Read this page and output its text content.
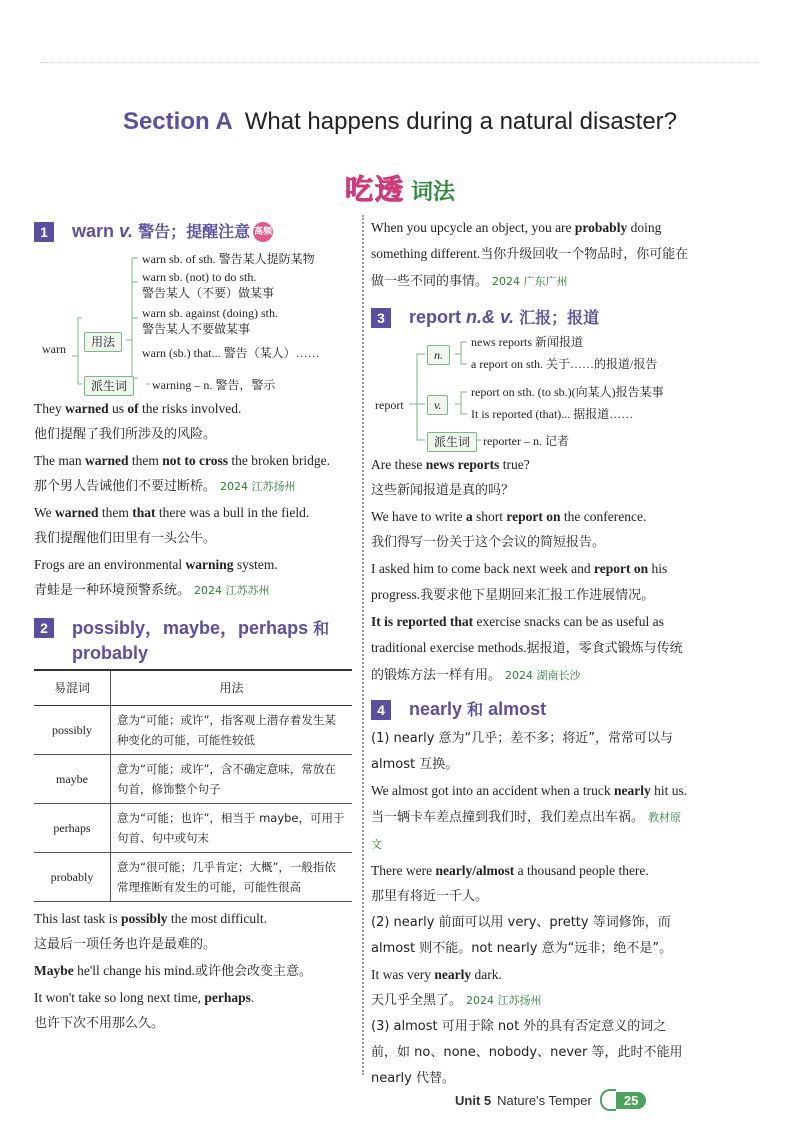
Section A What happens during a natural disaster?
吃透 词法
1	warn v. 警告；提醒注意 高频
warn	用法
派生词
warn sb. of sth. 警告某人提防某物
warn sb. (not) to do sth.
警告某人（不要）做某事
warn sb. against (doing) sth.
警告某人不要做某事
warn (sb.) that... 警告（某人）……
warning – n. 警告，警示

They warned us of the risks involved.

他们提醒了我们所涉及的风险。

The man warned them not to cross the broken bridge.

那个男人告诫他们不要过断桥。 2024 江苏扬州

We warned them that there was a bull in the field.

我们提醒他们田里有一头公牛。

Frogs are an environmental warning system.

青蛙是一种环境预警系统。 2024 江苏苏州

2	possibly，maybe，perhaps 和
probably
易混词	用法
possibly	意为“可能；或许”，指客观上潜存着发生某种变化的可能，可能性较低
maybe	意为“可能；或许”，含不确定意味，常放在句首，修饰整个句子
perhaps	意为“可能；也许”，相当于 maybe，可用于句首、句中或句末
probably	意为“很可能；几乎肯定；大概”，一般指依常理推断有发生的可能，可能性很高

This last task is possibly the most difficult.

这最后一项任务也许是最难的。

Maybe he'll change his mind.或许他会改变主意。

It won't take so long next time, perhaps.

也许下次不用那么久。

When you upcycle an object, you are probably doing something different.当你升级回收一个物品时，你可能在做一些不同的事情。 2024 广东广州

3	report n.& v. 汇报；报道
report
n.
v.
派生词
news reports 新闻报道
a report on sth. 关于……的报道/报告
report on sth. (to sb.)(向某人)报告某事
It is reported (that)... 据报道……
reporter – n. 记者

Are these news reports true?

这些新闻报道是真的吗？

We have to write a short report on the conference.

我们得写一份关于这个会议的简短报告。

I asked him to come back next week and report on his progress.我要求他下星期回来汇报工作进展情况。

It is reported that exercise snacks can be as useful as traditional exercise methods.据报道，零食式锻炼与传统的锻炼方法一样有用。 2024 湖南长沙

4	nearly 和 almost

(1) nearly 意为“几乎；差不多；将近”，常常可以与 almost 互换。

We almost got into an accident when a truck nearly hit us.当一辆卡车差点撞到我们时，我们差点出车祸。 教材原文

There were nearly/almost a thousand people there.

那里有将近一千人。

(2) nearly 前面可以用 very、pretty 等词修饰，而 almost 则不能。not nearly 意为“远非；绝不是”。

It was very nearly dark.

天几乎全黑了。 2024 江苏扬州

(3) almost 可用于除 not 外的具有否定意义的词之前，如 no、none、nobody、never 等，此时不能用 nearly 代替。

Unit 5 Nature's Temper	25
